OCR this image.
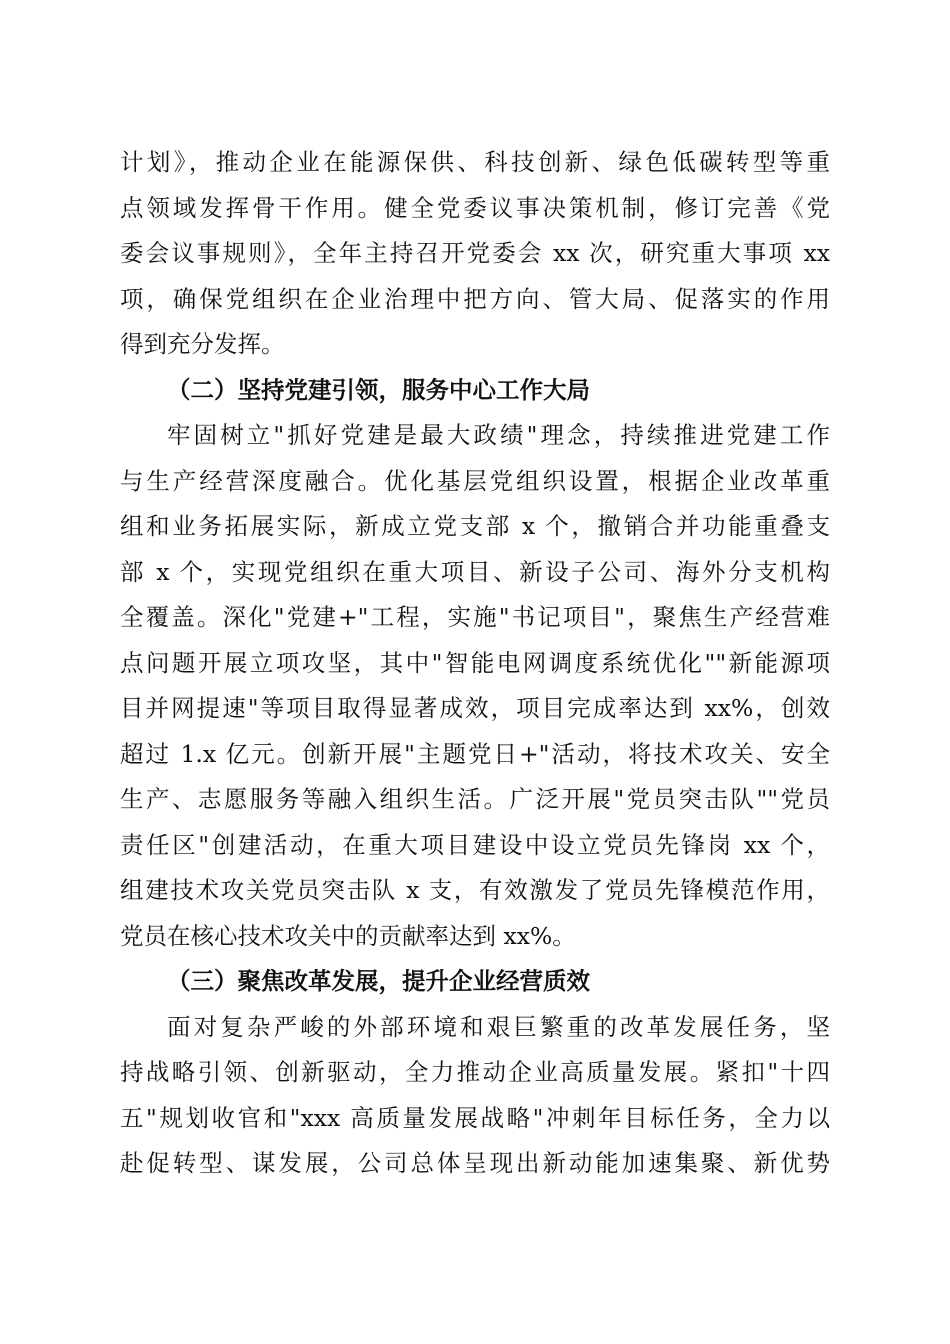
计划》，推动企业在能源保供、科技创新、绿色低碳转型等重
点领域发挥骨干作用。健全党委议事决策机制，修订完善《党
委会议事规则》，全年主持召开党委会 xx 次，研究重大事项 xx
项，确保党组织在企业治理中把方向、管大局、促落实的作用
得到充分发挥。
（二）坚持党建引领，服务中心工作大局
牢固树立"抓好党建是最大政绩"理念，持续推进党建工作
与生产经营深度融合。优化基层党组织设置，根据企业改革重
组和业务拓展实际，新成立党支部 x 个，撤销合并功能重叠支
部 x 个，实现党组织在重大项目、新设子公司、海外分支机构
全覆盖。深化"党建+"工程，实施"书记项目"，聚焦生产经营难
点问题开展立项攻坚，其中"智能电网调度系统优化""新能源项
目并网提速"等项目取得显著成效，项目完成率达到 xx%，创效
超过 1.x 亿元。创新开展"主题党日+"活动，将技术攻关、安全
生产、志愿服务等融入组织生活。广泛开展"党员突击队""党员
责任区"创建活动，在重大项目建设中设立党员先锋岗 xx 个，
组建技术攻关党员突击队 x 支，有效激发了党员先锋模范作用，
党员在核心技术攻关中的贡献率达到 xx%。
（三）聚焦改革发展，提升企业经营质效
面对复杂严峻的外部环境和艰巨繁重的改革发展任务，坚
持战略引领、创新驱动，全力推动企业高质量发展。紧扣"十四
五"规划收官和"xxx 高质量发展战略"冲刺年目标任务，全力以
赴促转型、谋发展，公司总体呈现出新动能加速集聚、新优势
